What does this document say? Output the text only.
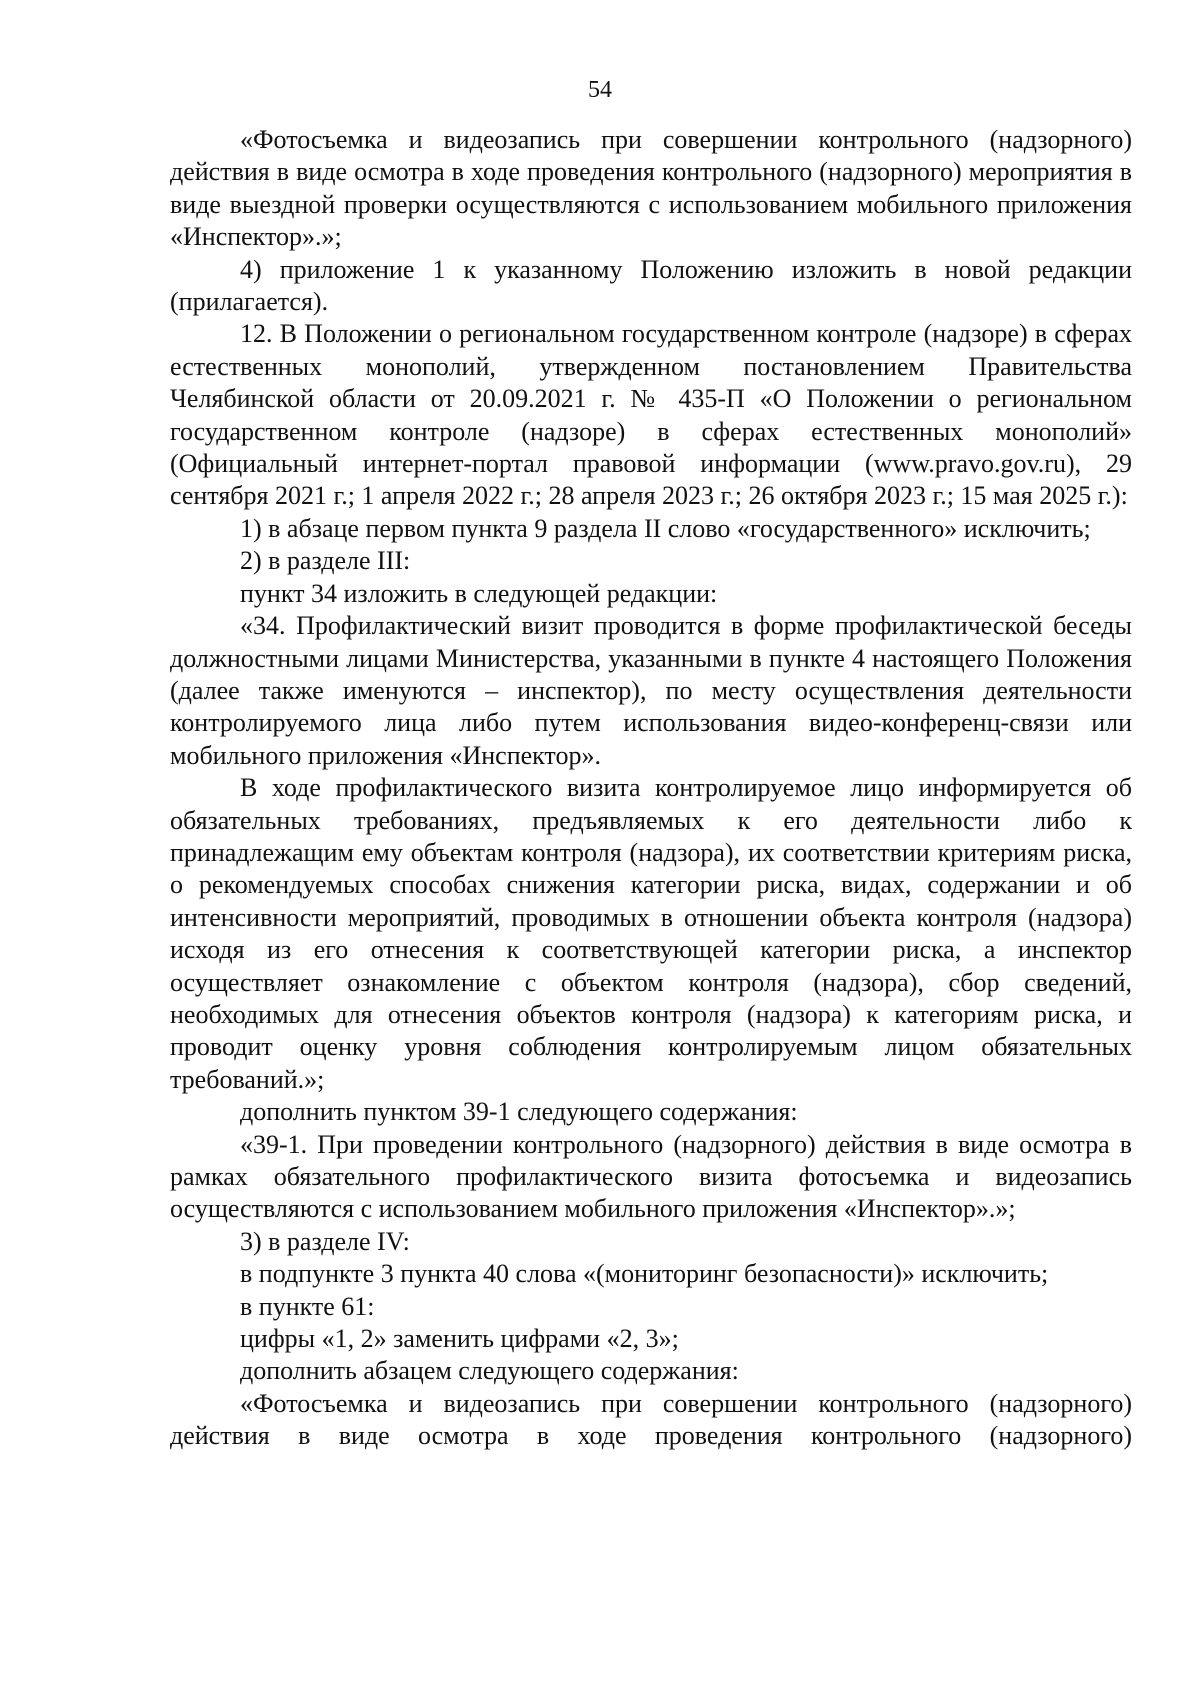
54

«Фотосъемка и видеозапись при совершении контрольного (надзорного) действия в виде осмотра в ходе проведения контрольного (надзорного) мероприятия в виде выездной проверки осуществляются с использованием мобильного приложения «Инспектор».»;

4) приложение 1 к указанному Положению изложить в новой редакции (прилагается).

12. В Положении о региональном государственном контроле (надзоре) в сферах естественных монополий, утвержденном постановлением Правительства Челябинской области от 20.09.2021 г. № 435-П «О Положении о региональном государственном контроле (надзоре) в сферах естественных монополий» (Официальный интернет-портал правовой информации (www.pravo.gov.ru), 29 сентября 2021 г.; 1 апреля 2022 г.; 28 апреля 2023 г.; 26 октября 2023 г.; 15 мая 2025 г.):

1) в абзаце первом пункта 9 раздела II слово «государственного» исключить;

2) в разделе III:

пункт 34 изложить в следующей редакции:

«34. Профилактический визит проводится в форме профилактической беседы должностными лицами Министерства, указанными в пункте 4 настоящего Положения (далее также именуются – инспектор), по месту осуществления деятельности контролируемого лица либо путем использования видео-конференц-связи или мобильного приложения «Инспектор».

В ходе профилактического визита контролируемое лицо информируется об обязательных требованиях, предъявляемых к его деятельности либо к принадлежащим ему объектам контроля (надзора), их соответствии критериям риска, о рекомендуемых способах снижения категории риска, видах, содержании и об интенсивности мероприятий, проводимых в отношении объекта контроля (надзора) исходя из его отнесения к соответствующей категории риска, а инспектор осуществляет ознакомление с объектом контроля (надзора), сбор сведений, необходимых для отнесения объектов контроля (надзора) к категориям риска, и проводит оценку уровня соблюдения контролируемым лицом обязательных требований.»;

дополнить пунктом 39-1 следующего содержания:

«39-1. При проведении контрольного (надзорного) действия в виде осмотра в рамках обязательного профилактического визита фотосъемка и видеозапись осуществляются с использованием мобильного приложения «Инспектор».»;

3) в разделе IV:

в подпункте 3 пункта 40 слова «(мониторинг безопасности)» исключить;

в пункте 61:

цифры «1, 2» заменить цифрами «2, 3»;

дополнить абзацем следующего содержания:

«Фотосъемка и видеозапись при совершении контрольного (надзорного) действия в виде осмотра в ходе проведения контрольного (надзорного)
